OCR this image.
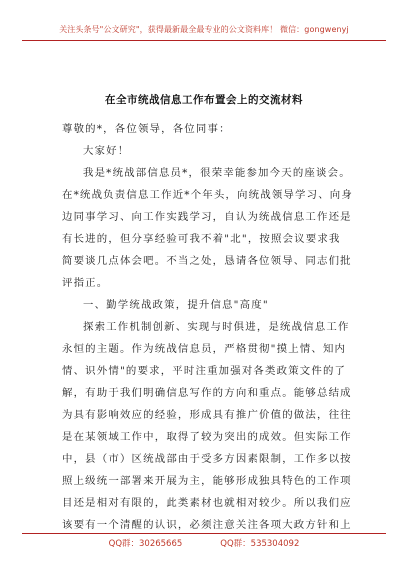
关注头条号"公文研究"，获得最新最全最专业的公文资料库！ 微信：gongwenyj
在全市统战信息工作布置会上的交流材料

尊敬的*，各位领导，各位同事：

大家好！

我是*统战部信息员*，很荣幸能参加今天的座谈会。

在*统战负责信息工作近*个年头，向统战领导学习、向身

边同事学习、向工作实践学习，自认为统战信息工作还是

有长进的，但分享经验可我不着"北"，按照会议要求我

简要谈几点体会吧。不当之处，恳请各位领导、同志们批

评指正。

一、勤学统战政策，提升信息"高度"

探索工作机制创新、实现与时俱进，是统战信息工作

永恒的主题。作为统战信息员，严格贯彻"摸上情、知内

情、识外情"的要求，平时注重加强对各类政策文件的了

解，有助于我们明确信息写作的方向和重点。能够总结成

为具有影响效应的经验，形成具有推广价值的做法，往往

是在某领域工作中，取得了较为突出的成效。但实际工作

中，县（市）区统战部由于受多方因素限制，工作多以按

照上级统一部署来开展为主，能够形成独具特色的工作项

目还是相对有限的，此类素材也就相对较少。所以我们应

该要有一个清醒的认识，必须注意关注各项大政方针和上

QQ群：30265665	QQ群：535304092
